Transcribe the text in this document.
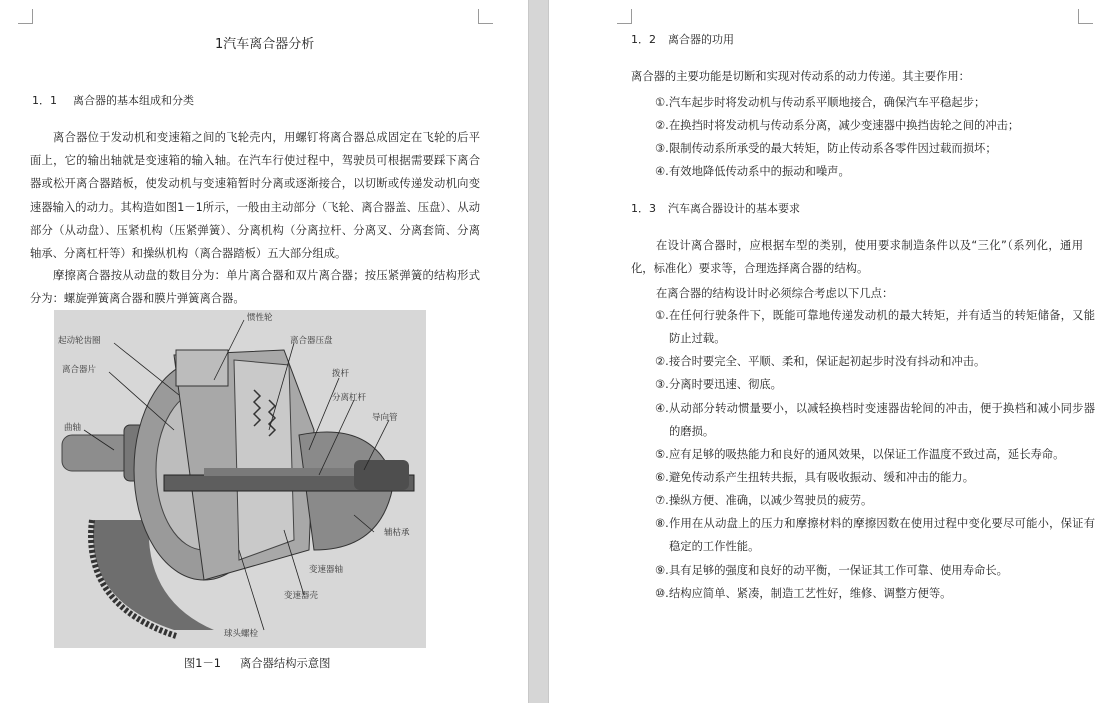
1汽车离合器分析
1．1 离合器的基本组成和分类

离合器位于发动机和变速箱之间的飞轮壳内，用螺钉将离合器总成固定在飞轮的后平面上，它的输出轴就是变速箱的输入轴。在汽车行使过程中，驾驶员可根据需要踩下离合器或松开离合器踏板，使发动机与变速箱暂时分离或逐渐接合，以切断或传递发动机向变速器输入的动力。其构造如图1－1所示，一般由主动部分（飞轮、离合器盖、压盘）、从动部分（从动盘）、压紧机构（压紧弹簧）、分离机构（分离拉杆、分离叉、分离套筒、分离轴承、分离杠杆等）和操纵机构（离合器踏板）五大部分组成。

摩擦离合器按从动盘的数目分为：单片离合器和双片离合器；按压紧弹簧的结构形式分为：螺旋弹簧离合器和膜片弹簧离合器。

惯性轮
起动轮齿圈	离合器压盘
离合器片	拨杆
分离杠杆
曲轴
导向管
辅枯承
变速器轴
变速器壳
球头螺栓
图1－1 离合器结构示意图
1．2 离合器的功用
离合器的主要功能是切断和实现对传动系的动力传递。其主要作用：
①. 汽车起步时将发动机与传动系平顺地接合，确保汽车平稳起步；
②. 在换挡时将发动机与传动系分离，减少变速器中换挡齿轮之间的冲击；
③. 限制传动系所承受的最大转矩，防止传动系各零件因过载而损坏；
④. 有效地降低传动系中的振动和噪声。
1．3 汽车离合器设计的基本要求

在设计离合器时，应根据车型的类别，使用要求制造条件以及“三化”（系列化，通用化，标准化）要求等，合理选择离合器的结构。

在离合器的结构设计时必须综合考虑以下几点：
①. 在任何行驶条件下，既能可靠地传递发动机的最大转矩，并有适当的转矩储备，又能防止过载。
②. 接合时要完全、平顺、柔和，保证起初起步时没有抖动和冲击。
③. 分离时要迅速、彻底。
④. 从动部分转动惯量要小，以减轻换档时变速器齿轮间的冲击，便于换档和减小同步器的磨损。
⑤. 应有足够的吸热能力和良好的通风效果，以保证工作温度不致过高，延长寿命。
⑥. 避免传动系产生扭转共振，具有吸收振动、缓和冲击的能力。
⑦. 操纵方便、准确，以减少驾驶员的疲劳。
⑧. 作用在从动盘上的压力和摩擦材料的摩擦因数在使用过程中变化要尽可能小，保证有稳定的工作性能。
⑨. 具有足够的强度和良好的动平衡，一保证其工作可靠、使用寿命长。
⑩. 结构应简单、紧凑，制造工艺性好，维修、调整方便等。
